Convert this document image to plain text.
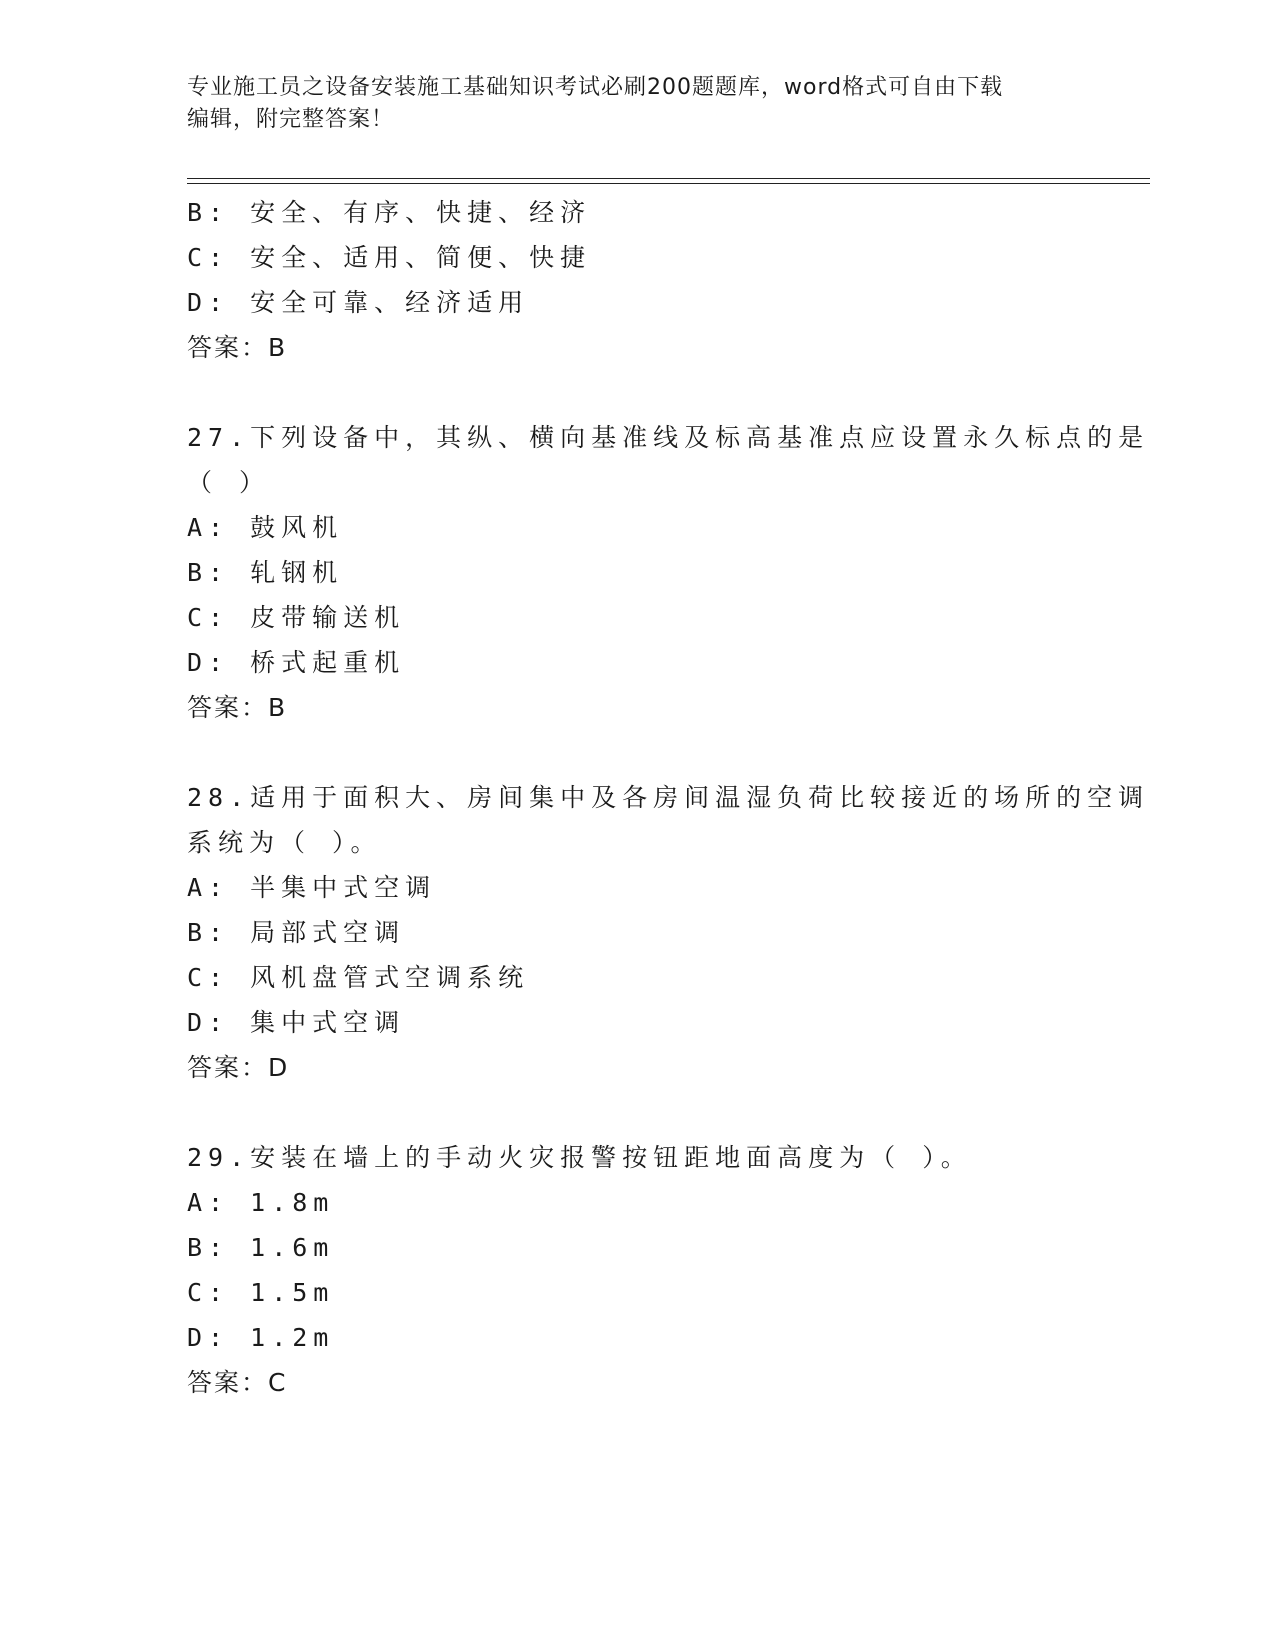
专业施工员之设备安装施工基础知识考试必刷200题题库，word格式可自由下载
编辑，附完整答案！
B: 安全、有序、快捷、经济
C: 安全、适用、简便、快捷
D: 安全可靠、经济适用
答案：B
27.下列设备中，其纵、横向基准线及标高基准点应设置永久标点的是
（ ）
A: 鼓风机
B: 轧钢机
C: 皮带输送机
D: 桥式起重机
答案：B
28.适用于面积大、房间集中及各房间温湿负荷比较接近的场所的空调
系统为（ ）。
A: 半集中式空调
B: 局部式空调
C: 风机盘管式空调系统
D: 集中式空调
答案：D
29.安装在墙上的手动火灾报警按钮距地面高度为（ ）。
A: 1.8m
B: 1.6m
C: 1.5m
D: 1.2m
答案：C
